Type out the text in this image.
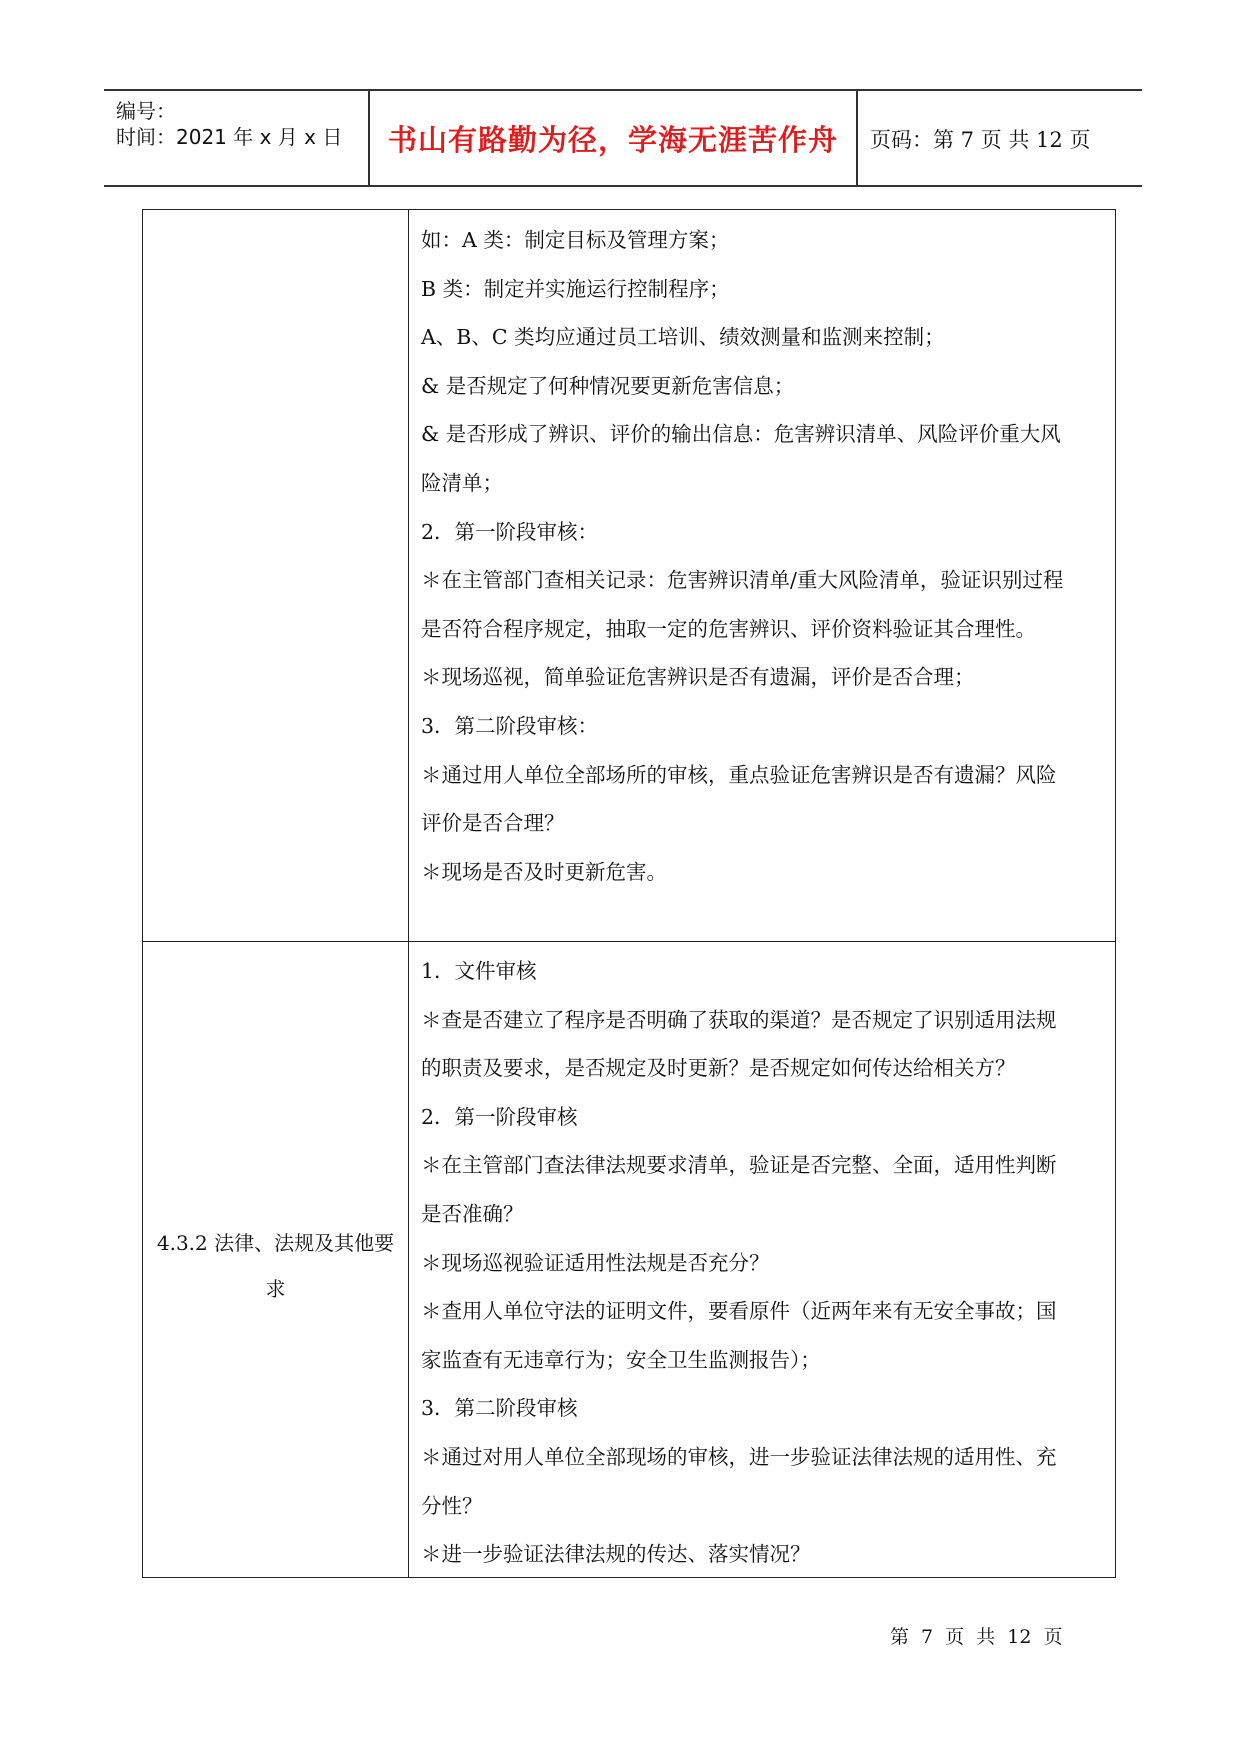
编号：
时间：2021 年 x 月 x 日	书山有路勤为径，学海无涯苦作舟	页码：第 7 页 共 12 页

如：A 类：制定目标及管理方案；

B 类：制定并实施运行控制程序；

A、B、C 类均应通过员工培训、绩效测量和监测来控制；

& 是否规定了何种情况要更新危害信息；

& 是否形成了辨识、评价的输出信息：危害辨识清单、风险评价重大风

险清单；

2．第一阶段审核：

＊在主管部门查相关记录：危害辨识清单/重大风险清单，验证识别过程

是否符合程序规定，抽取一定的危害辨识、评价资料验证其合理性。

＊现场巡视，简单验证危害辨识是否有遗漏，评价是否合理；

3．第二阶段审核：

＊通过用人单位全部场所的审核，重点验证危害辨识是否有遗漏？风险

评价是否合理？

＊现场是否及时更新危害。

4.3.2 法律、法规及其他要
求

1．文件审核

＊查是否建立了程序是否明确了获取的渠道？是否规定了识别适用法规

的职责及要求，是否规定及时更新？是否规定如何传达给相关方？

2．第一阶段审核

＊在主管部门查法律法规要求清单，验证是否完整、全面，适用性判断

是否准确？

＊现场巡视验证适用性法规是否充分？

＊查用人单位守法的证明文件，要看原件（近两年来有无安全事故；国

家监查有无违章行为；安全卫生监测报告）；

3．第二阶段审核

＊通过对用人单位全部现场的审核，进一步验证法律法规的适用性、充

分性？

＊进一步验证法律法规的传达、落实情况？

第 7 页 共 12 页
